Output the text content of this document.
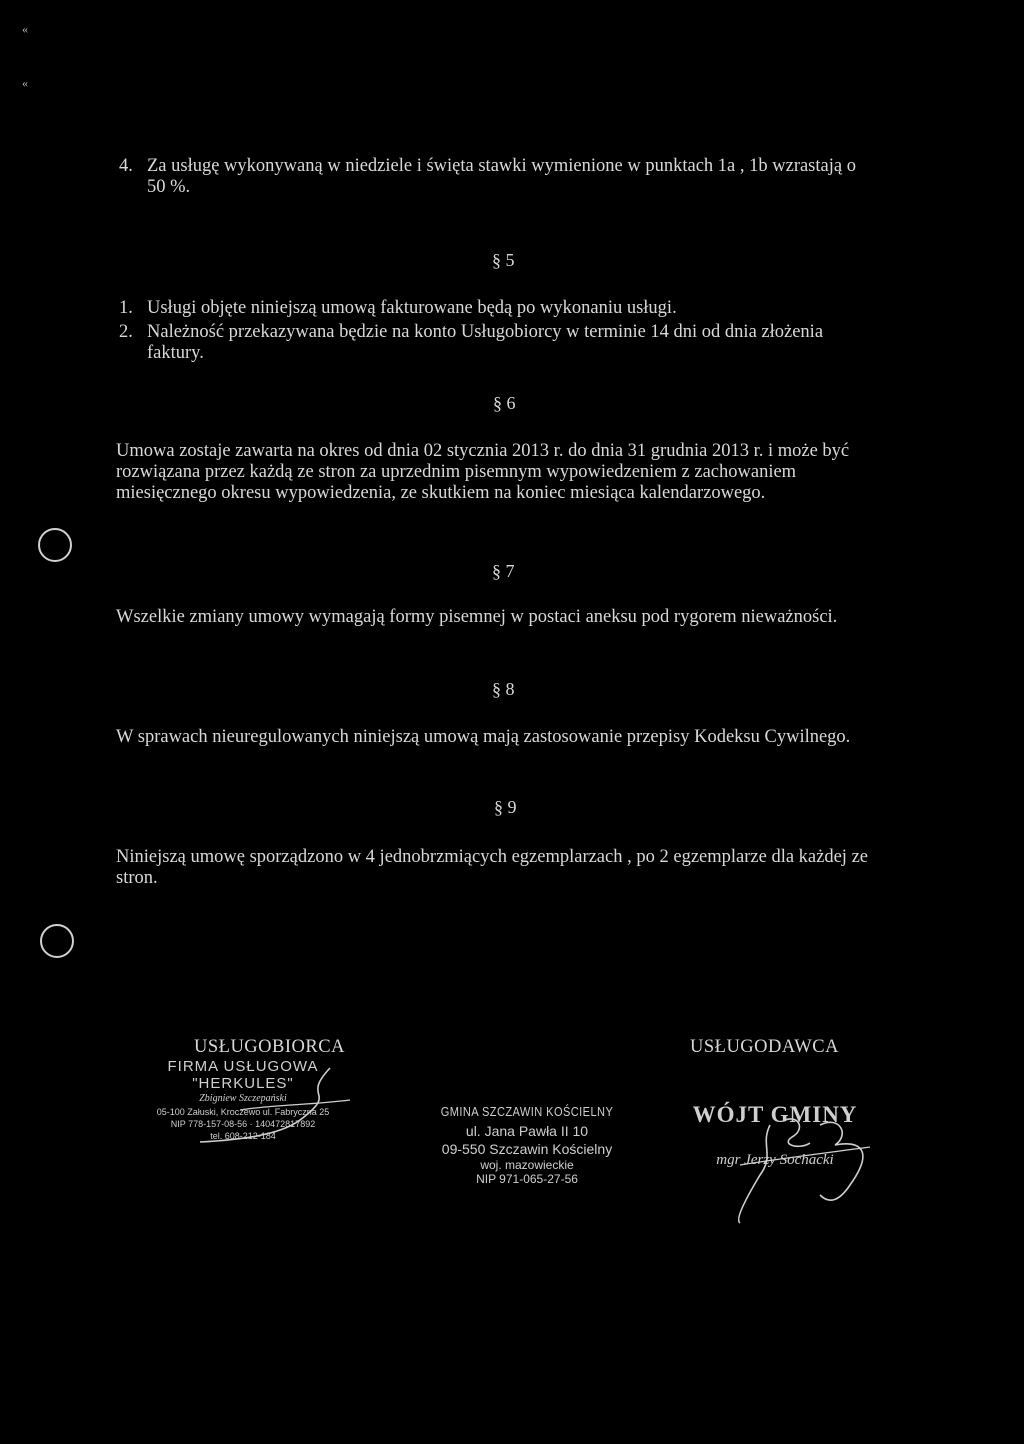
«
«
4. Za usługę wykonywaną w niedziele i święta stawki wymienione w punktach 1a , 1b wzrastają o 50 %.
§ 5
1. Usługi objęte niniejszą umową fakturowane będą po wykonaniu usługi.
2. Należność przekazywana będzie na konto Usługobiorcy w terminie 14 dni od dnia złożenia faktury.
§ 6
Umowa zostaje zawarta na okres od dnia 02 stycznia 2013 r. do dnia 31 grudnia 2013 r. i może być rozwiązana przez każdą ze stron za uprzednim pisemnym wypowiedzeniem z zachowaniem miesięcznego okresu wypowiedzenia, ze skutkiem na koniec miesiąca kalendarzowego.
§ 7
Wszelkie zmiany umowy wymagają formy pisemnej w postaci aneksu pod rygorem nieważności.
§ 8
W sprawach nieuregulowanych niniejszą umową mają zastosowanie przepisy Kodeksu Cywilnego.
§ 9
Niniejszą umowę sporządzono w 4 jednobrzmiących egzemplarzach , po 2 egzemplarze dla każdej ze stron.
USŁUGOBIORCA	USŁUGODAWCA
FIRMA USŁUGOWA
"HERKULES"
Zbigniew Szczepański
05-100 Załuski, Kroczewo ul. Fabryczna 25
NIP 778-157-08-56 · 140472817892
tel. 608-212-184
GMINA SZCZAWIN KOŚCIELNY
ul. Jana Pawła II 10
09-550 Szczawin Kościelny
woj. mazowieckie
NIP 971-065-27-56
WÓJT GMINY
mgr Jerzy Sochacki
